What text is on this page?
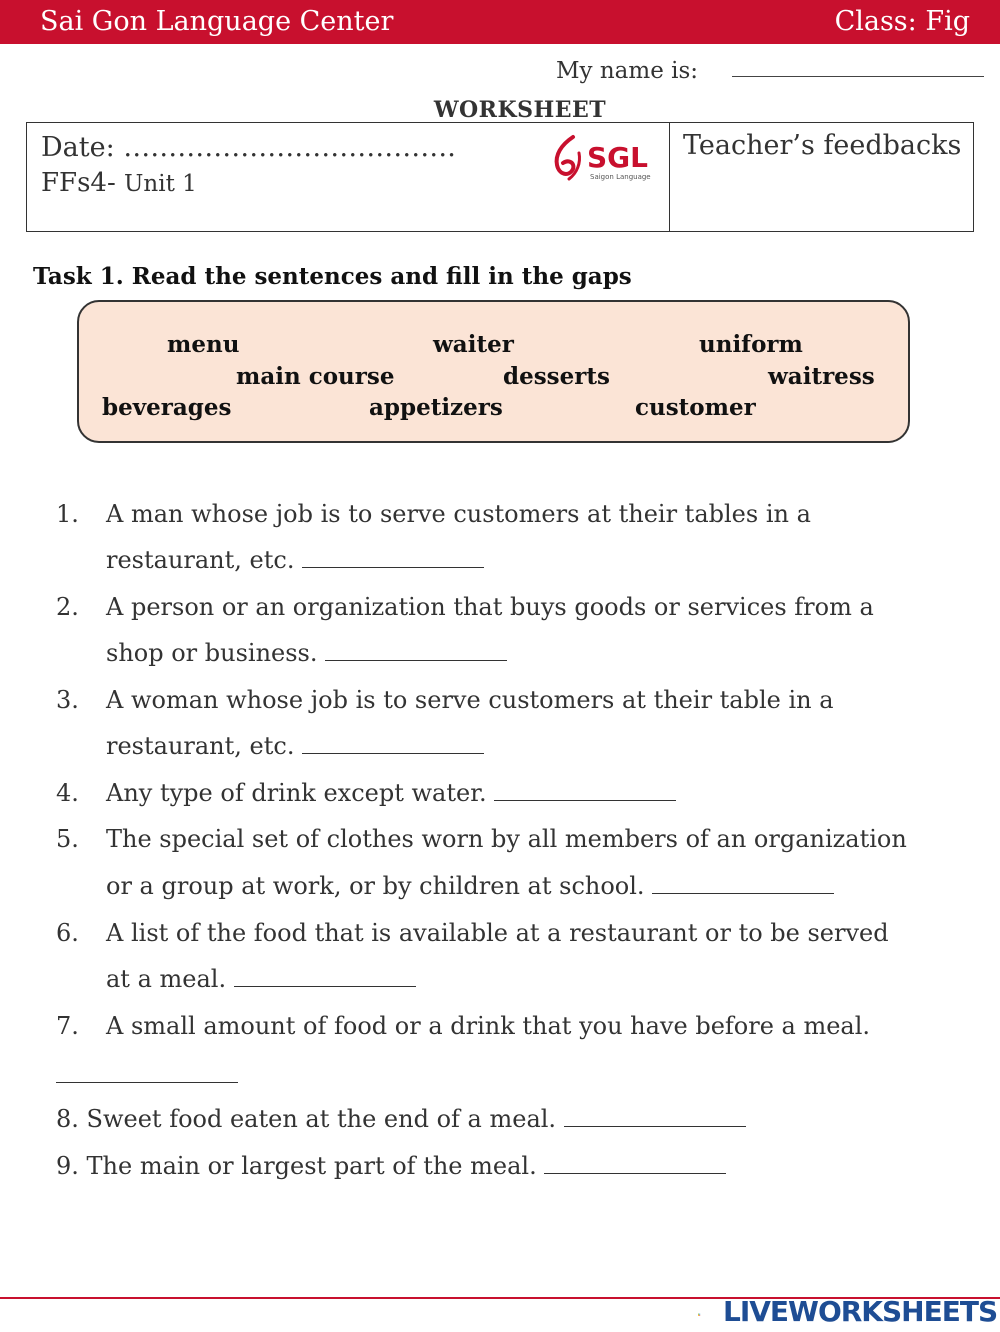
Sai Gon Language Center	Class: Fig
My name is:
WORKSHEET
Date: ……………………………….
FFs4- Unit 1
SGL
Saigon Language
Teacher’s feedbacks
Task 1. Read the sentences and fill in the gaps
menu	waiter	uniform
main course	desserts	waitress
beverages	appetizers	customer
1. A man whose job is to serve customers at their tables in a
restaurant, etc.
2. A person or an organization that buys goods or services from a
shop or business.
3. A woman whose job is to serve customers at their table in a
restaurant, etc.
4. Any type of drink except water.
5. The special set of clothes worn by all members of an organization
or a group at work, or by children at school.
6. A list of the food that is available at a restaurant or to be served
at a meal.
7. A small amount of food or a drink that you have before a meal.
8. Sweet food eaten at the end of a meal.
9. The main or largest part of the meal.
LIVEWORKSHEETS
